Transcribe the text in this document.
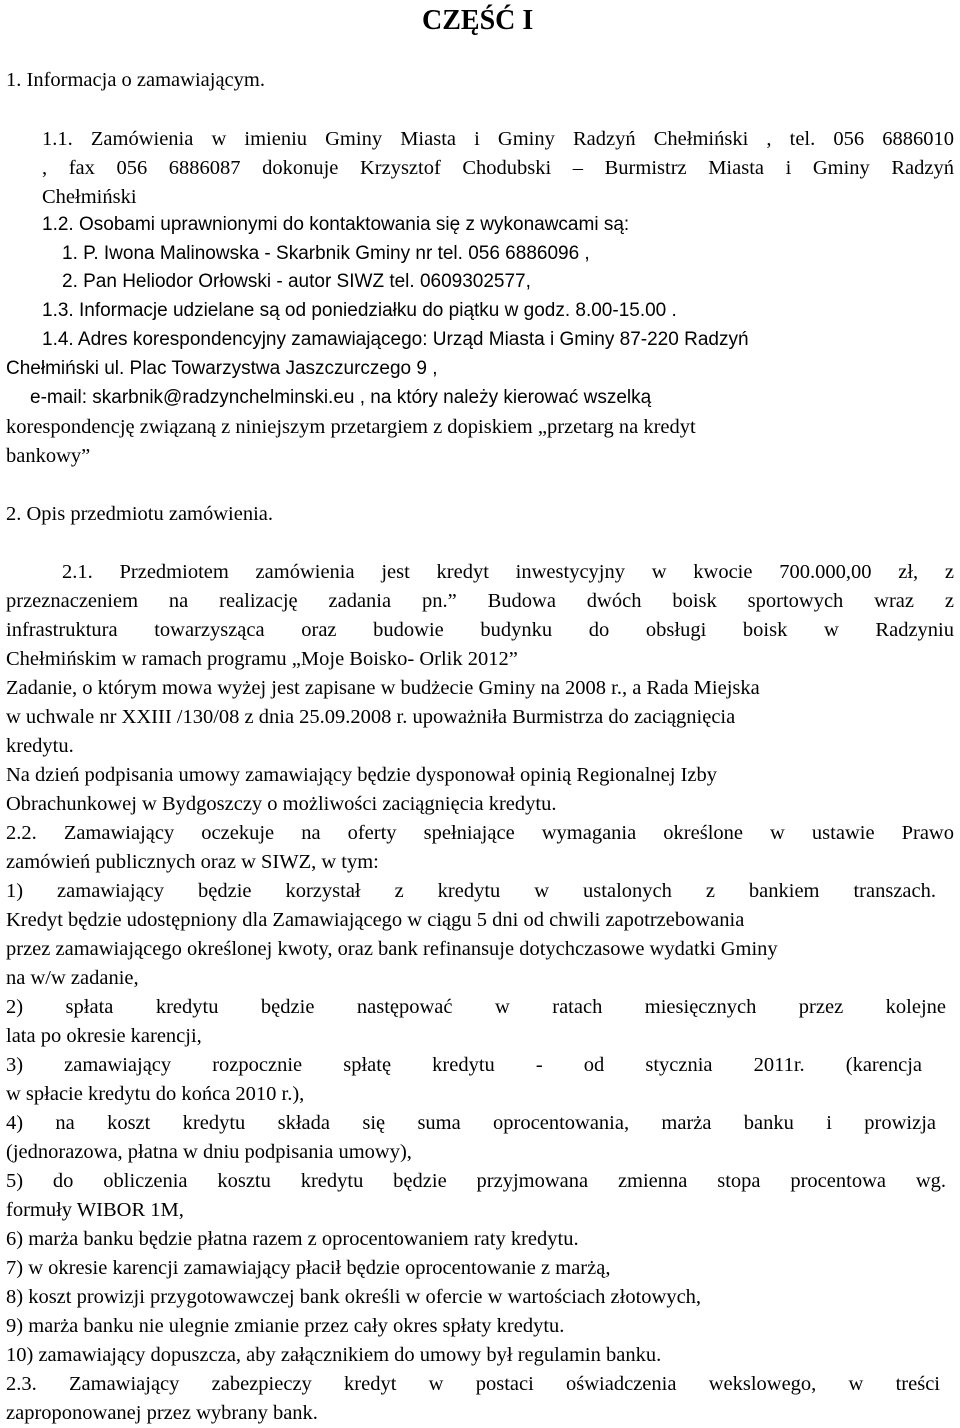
CZĘŚĆ I

1. Informacja o zamawiającym.

1.1. Zamówienia w imieniu Gminy Miasta i Gminy Radzyń Chełmiński , tel. 056 6886010

, fax 056 6886087 dokonuje Krzysztof Chodubski – Burmistrz Miasta i Gminy Radzyń

Chełmiński

1.2. Osobami uprawnionymi do kontaktowania się z wykonawcami są:

1. P. Iwona Malinowska - Skarbnik Gminy nr tel. 056 6886096 ,

2. Pan Heliodor Orłowski - autor SIWZ tel. 0609302577,

1.3. Informacje udzielane są od poniedziałku do piątku w godz. 8.00-15.00 .

1.4. Adres korespondencyjny zamawiającego: Urząd Miasta i Gminy 87-220 Radzyń

Chełmiński ul. Plac Towarzystwa Jaszczurczego 9 ,

e-mail: skarbnik@radzynchelminski.eu , na który należy kierować wszelką

korespondencję związaną z niniejszym przetargiem z dopiskiem „przetarg na kredyt

bankowy”

2. Opis przedmiotu zamówienia.

2.1. Przedmiotem zamówienia jest kredyt inwestycyjny w kwocie 700.000,00 zł, z

przeznaczeniem na realizację zadania pn.” Budowa dwóch boisk sportowych wraz z

infrastruktura towarzysząca oraz budowie budynku do obsługi boisk w Radzyniu

Chełmińskim w ramach programu „Moje Boisko- Orlik 2012”

Zadanie, o którym mowa wyżej jest zapisane w budżecie Gminy na 2008 r., a Rada Miejska

w uchwale nr XXIII /130/08 z dnia 25.09.2008 r. upoważniła Burmistrza do zaciągnięcia

kredytu.

Na dzień podpisania umowy zamawiający będzie dysponował opinią Regionalnej Izby

Obrachunkowej w Bydgoszczy o możliwości zaciągnięcia kredytu.

2.2. Zamawiający oczekuje na oferty spełniające wymagania określone w ustawie Prawo

zamówień publicznych oraz w SIWZ, w tym:

1) zamawiający będzie korzystał z kredytu w ustalonych z bankiem transzach.

Kredyt będzie udostępniony dla Zamawiającego w ciągu 5 dni od chwili zapotrzebowania

przez zamawiającego określonej kwoty, oraz bank refinansuje dotychczasowe wydatki Gminy

na w/w zadanie,

2) spłata kredytu będzie następować w ratach miesięcznych przez kolejne

lata po okresie karencji,

3) zamawiający rozpocznie spłatę kredytu - od stycznia 2011r. (karencja

w spłacie kredytu do końca 2010 r.),

4) na koszt kredytu składa się suma oprocentowania, marża banku i prowizja

(jednorazowa, płatna w dniu podpisania umowy),

5) do obliczenia kosztu kredytu będzie przyjmowana zmienna stopa procentowa wg.

formuły WIBOR 1M,

6) marża banku będzie płatna razem z oprocentowaniem raty kredytu.

7) w okresie karencji zamawiający płacił będzie oprocentowanie z marżą,

8) koszt prowizji przygotowawczej bank określi w ofercie w wartościach złotowych,

9) marża banku nie ulegnie zmianie przez cały okres spłaty kredytu.

10) zamawiający dopuszcza, aby załącznikiem do umowy był regulamin banku.

2.3. Zamawiający zabezpieczy kredyt w postaci oświadczenia wekslowego, w treści

zaproponowanej przez wybrany bank.
